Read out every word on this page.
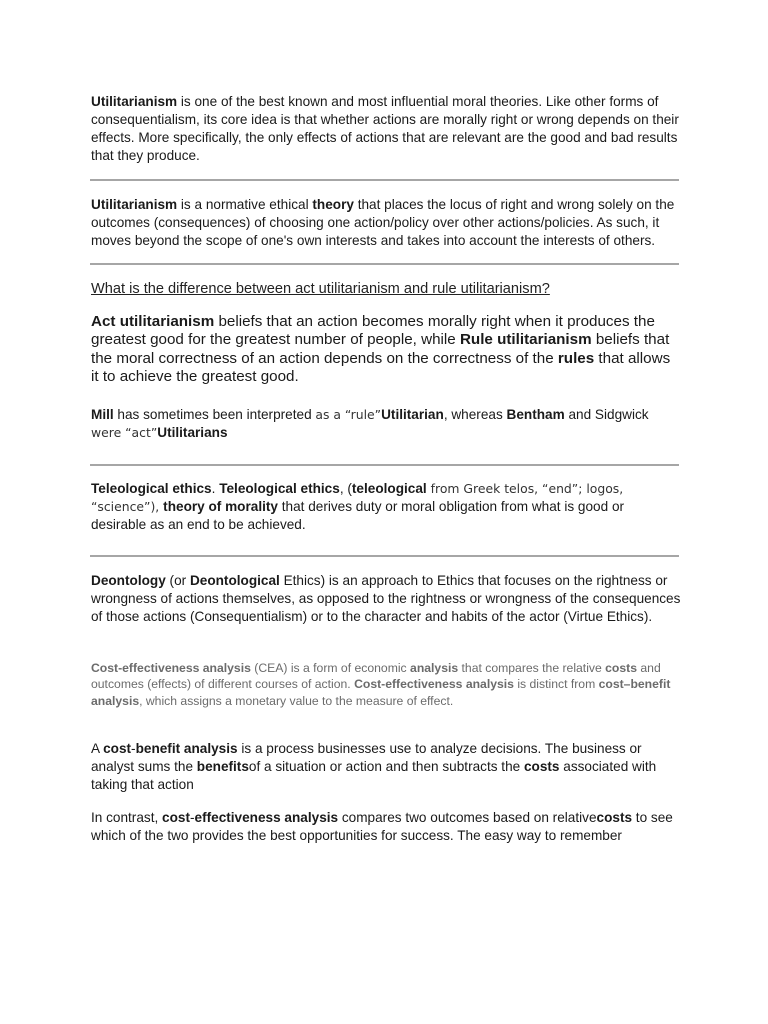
Utilitarianism is one of the best known and most influential moral theories. Like other forms of consequentialism, its core idea is that whether actions are morally right or wrong depends on their effects. More specifically, the only effects of actions that are relevant are the good and bad results that they produce.

Utilitarianism is a normative ethical theory that places the locus of right and wrong solely on the outcomes (consequences) of choosing one action/policy over other actions/policies. As such, it moves beyond the scope of one's own interests and takes into account the interests of others.

What is the difference between act utilitarianism and rule utilitarianism?

Act utilitarianism beliefs that an action becomes morally right when it produces the greatest good for the greatest number of people, while Rule utilitarianism beliefs that the moral correctness of an action depends on the correctness of the rules that allows it to achieve the greatest good.

Mill has sometimes been interpreted as a “rule”Utilitarian, whereas Bentham and Sidgwick were “act”Utilitarians

Teleological ethics. Teleological ethics, (teleological from Greek telos, “end”; logos, “science”), theory of morality that derives duty or moral obligation from what is good or desirable as an end to be achieved.

Deontology (or Deontological Ethics) is an approach to Ethics that focuses on the rightness or wrongness of actions themselves, as opposed to the rightness or wrongness of the consequences of those actions (Consequentialism) or to the character and habits of the actor (Virtue Ethics).

Cost-effectiveness analysis (CEA) is a form of economic analysis that compares the relative costs and outcomes (effects) of different courses of action. Cost-effectiveness analysis is distinct from cost–benefit analysis, which assigns a monetary value to the measure of effect.

A cost-benefit analysis is a process businesses use to analyze decisions. The business or analyst sums the benefitsof a situation or action and then subtracts the costs associated with taking that action

In contrast, cost-effectiveness analysis compares two outcomes based on relativecosts to see which of the two provides the best opportunities for success. The easy way to remember
